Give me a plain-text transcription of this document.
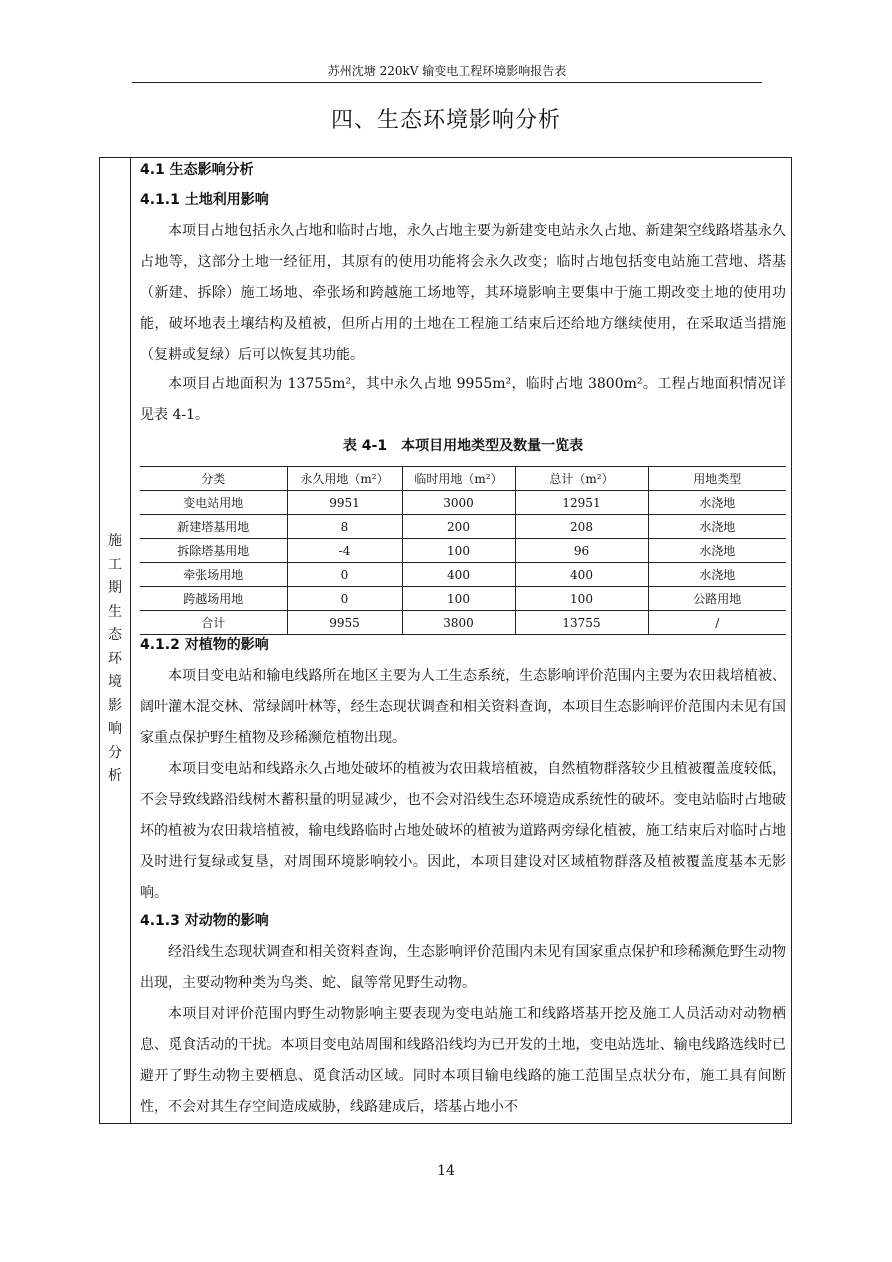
苏州沈塘 220kV 输变电工程环境影响报告表
四、生态环境影响分析
施
工
期
生
态
环
境
影
响
分
析
4.1 生态影响分析
4.1.1 土地利用影响

本项目占地包括永久占地和临时占地，永久占地主要为新建变电站永久占地、新建架空线路塔基永久占地等，这部分土地一经征用，其原有的使用功能将会永久改变；临时占地包括变电站施工营地、塔基（新建、拆除）施工场地、牵张场和跨越施工场地等，其环境影响主要集中于施工期改变土地的使用功能，破坏地表土壤结构及植被，但所占用的土地在工程施工结束后还给地方继续使用，在采取适当措施（复耕或复绿）后可以恢复其功能。

本项目占地面积为 13755m²，其中永久占地 9955m²，临时占地 3800m²。工程占地面积情况详见表 4-1。

表 4-1　本项目用地类型及数量一览表
分类	永久用地（m²）	临时用地（m²）	总计（m²）	用地类型
变电站用地	9951	3000	12951	水浇地
新建塔基用地	8	200	208	水浇地
拆除塔基用地	-4	100	96	水浇地
牵张场用地	0	400	400	水浇地
跨越场用地	0	100	100	公路用地
合计	9955	3800	13755	/
4.1.2 对植物的影响

本项目变电站和输电线路所在地区主要为人工生态系统，生态影响评价范围内主要为农田栽培植被、阔叶灌木混交林、常绿阔叶林等，经生态现状调查和相关资料查询，本项目生态影响评价范围内未见有国家重点保护野生植物及珍稀濒危植物出现。

本项目变电站和线路永久占地处破坏的植被为农田栽培植被，自然植物群落较少且植被覆盖度较低，不会导致线路沿线树木蓄积量的明显减少，也不会对沿线生态环境造成系统性的破坏。变电站临时占地破坏的植被为农田栽培植被，输电线路临时占地处破坏的植被为道路两旁绿化植被，施工结束后对临时占地及时进行复绿或复垦，对周围环境影响较小。因此，本项目建设对区域植物群落及植被覆盖度基本无影响。

4.1.3 对动物的影响

经沿线生态现状调查和相关资料查询，生态影响评价范围内未见有国家重点保护和珍稀濒危野生动物出现，主要动物种类为鸟类、蛇、鼠等常见野生动物。

本项目对评价范围内野生动物影响主要表现为变电站施工和线路塔基开挖及施工人员活动对动物栖息、觅食活动的干扰。本项目变电站周围和线路沿线均为已开发的土地，变电站选址、输电线路选线时已避开了野生动物主要栖息、觅食活动区域。同时本项目输电线路的施工范围呈点状分布，施工具有间断性，不会对其生存空间造成威胁，线路建成后，塔基占地小不

14
